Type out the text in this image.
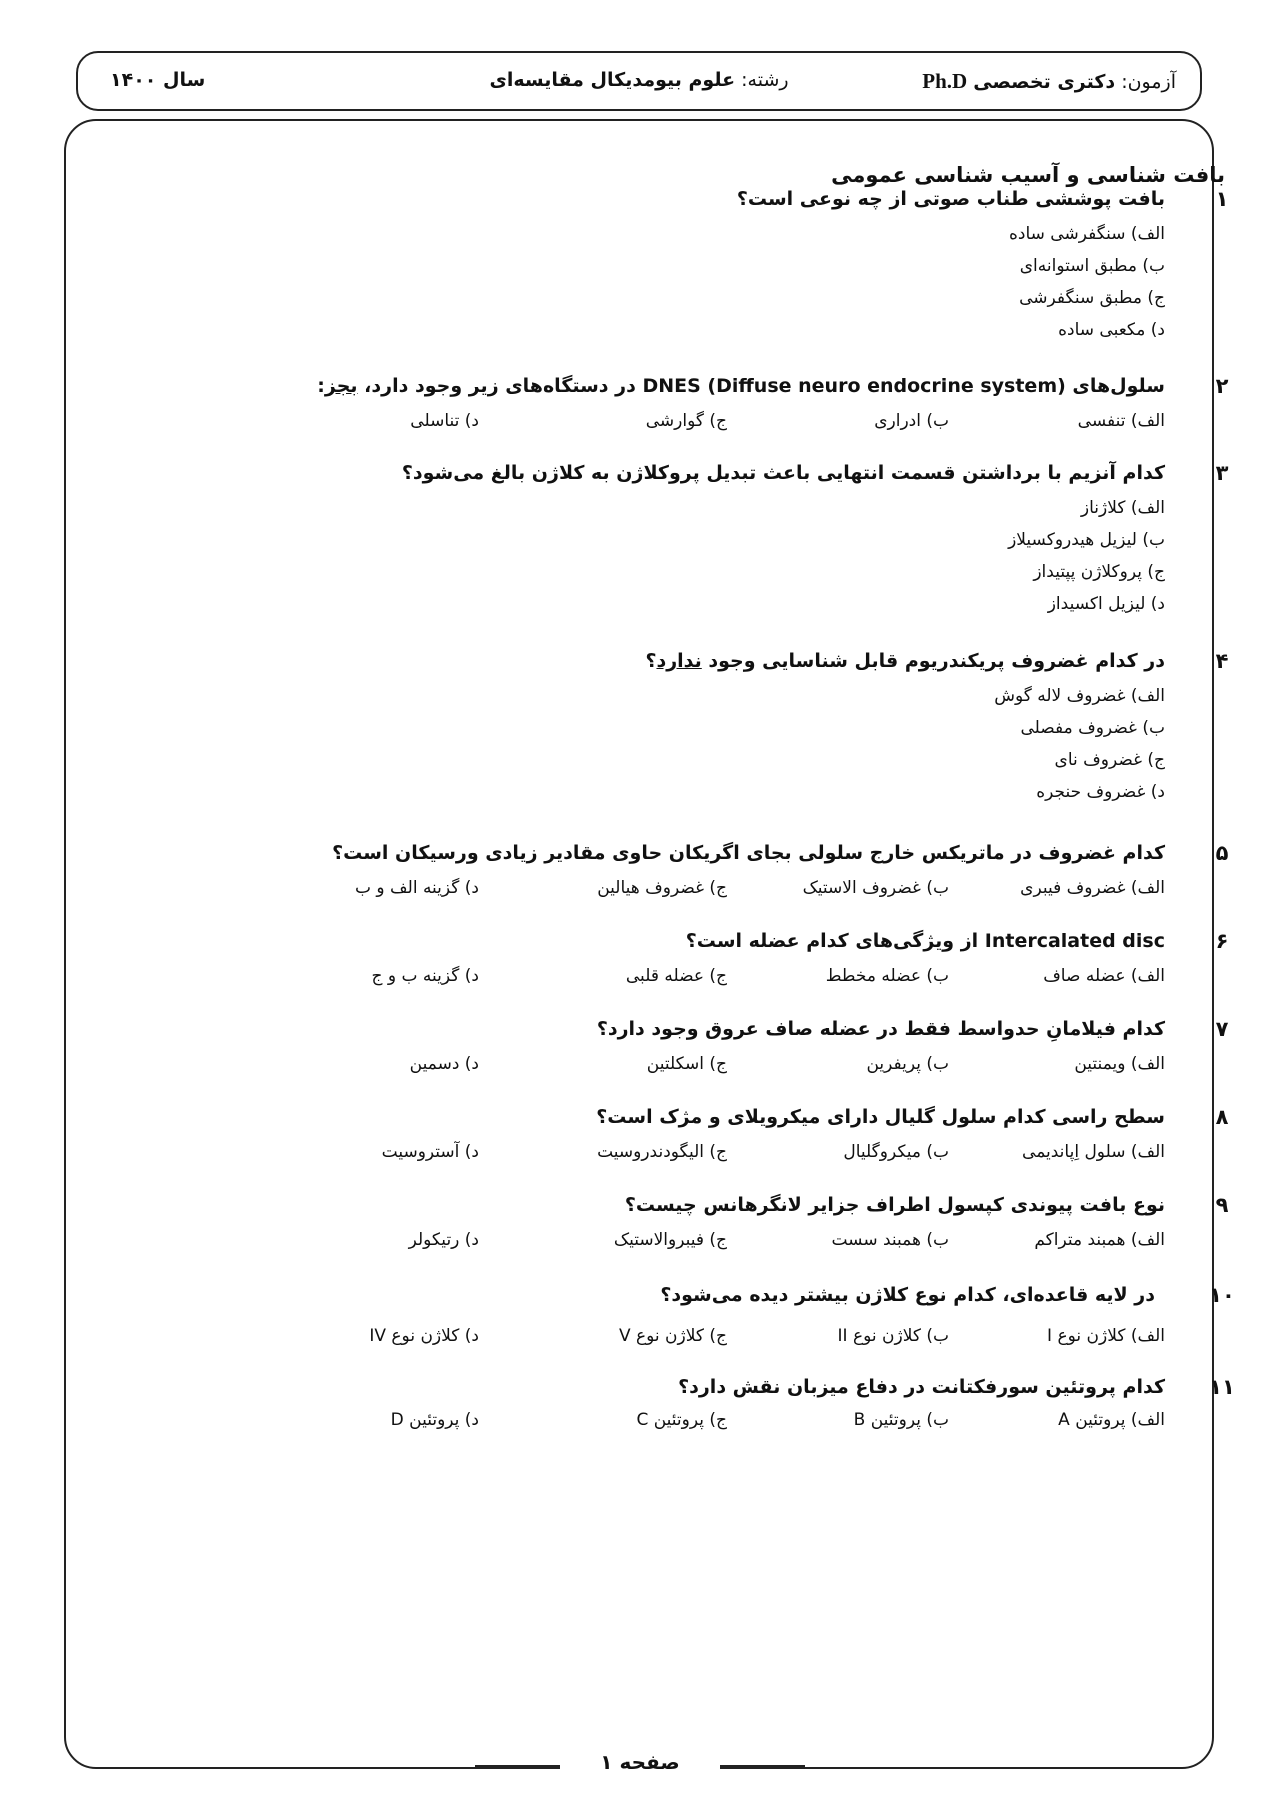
آزمون: دکتری تخصصی Ph.D
رشته: علوم بیومدیکال مقایسه‌ای
سال ۱۴۰۰
بافت شناسی و آسیب شناسی عمومی
۱
بافت پوششی طناب صوتی از چه نوعی است؟
الف) سنگفرشی ساده
ب) مطبق استوانه‌ای
ج) مطبق سنگفرشی
د) مکعبی ساده
۲
سلول‌های DNES (Diffuse neuro endocrine system) در دستگاه‌های زیر وجود دارد، بجز:
الف) تنفسی
ب) ادراری
ج) گوارشی
د) تناسلی
۳
کدام آنزیم با برداشتن قسمت انتهایی باعث تبدیل پروکلاژن به کلاژن بالغ می‌شود؟
الف) کلاژناز
ب) لیزیل هیدروکسیلاز
ج) پروکلاژن پپتیداز
د) لیزیل اکسیداز
۴
در کدام غضروف پریکندریوم قابل شناسایی وجود ندارد؟
الف) غضروف لاله گوش
ب) غضروف مفصلی
ج) غضروف نای
د) غضروف حنجره
۵
کدام غضروف در ماتریکس خارج سلولی بجای اگریکان حاوی مقادیر زیادی ورسیکان است؟
الف) غضروف فیبری
ب) غضروف الاستیک
ج) غضروف هیالین
د) گزینه الف و ب
۶
Intercalated disc از ویژگی‌های کدام عضله است؟
الف) عضله صاف
ب) عضله مخطط
ج) عضله قلبی
د) گزینه ب و ج
۷
کدام فیلامانِ حدواسط فقط در عضله صاف عروق وجود دارد؟
الف) ویمنتین
ب) پریفرین
ج) اسکلتین
د) دسمین
۸
سطح راسی کدام سلول گلیال دارای میکرویلای و مژک است؟
الف) سلول اِپاندیمی
ب) میکروگلیال
ج) الیگودندروسیت
د) آستروسیت
۹
نوع بافت پیوندی کپسول اطراف جزایر لانگرهانس چیست؟
الف) همبند متراکم
ب) همبند سست
ج) فیبروالاستیک
د) رتیکولر
۱۰
در لایه قاعده‌ای، کدام نوع کلاژن بیشتر دیده می‌شود؟
الف) کلاژن نوع I
ب) کلاژن نوع II
ج) کلاژن نوع V
د) کلاژن نوع IV
۱۱
کدام پروتئین سورفکتانت در دفاع میزبان نقش دارد؟
الف) پروتئین A
ب) پروتئین B
ج) پروتئین C
د) پروتئین D
صفحه ۱
